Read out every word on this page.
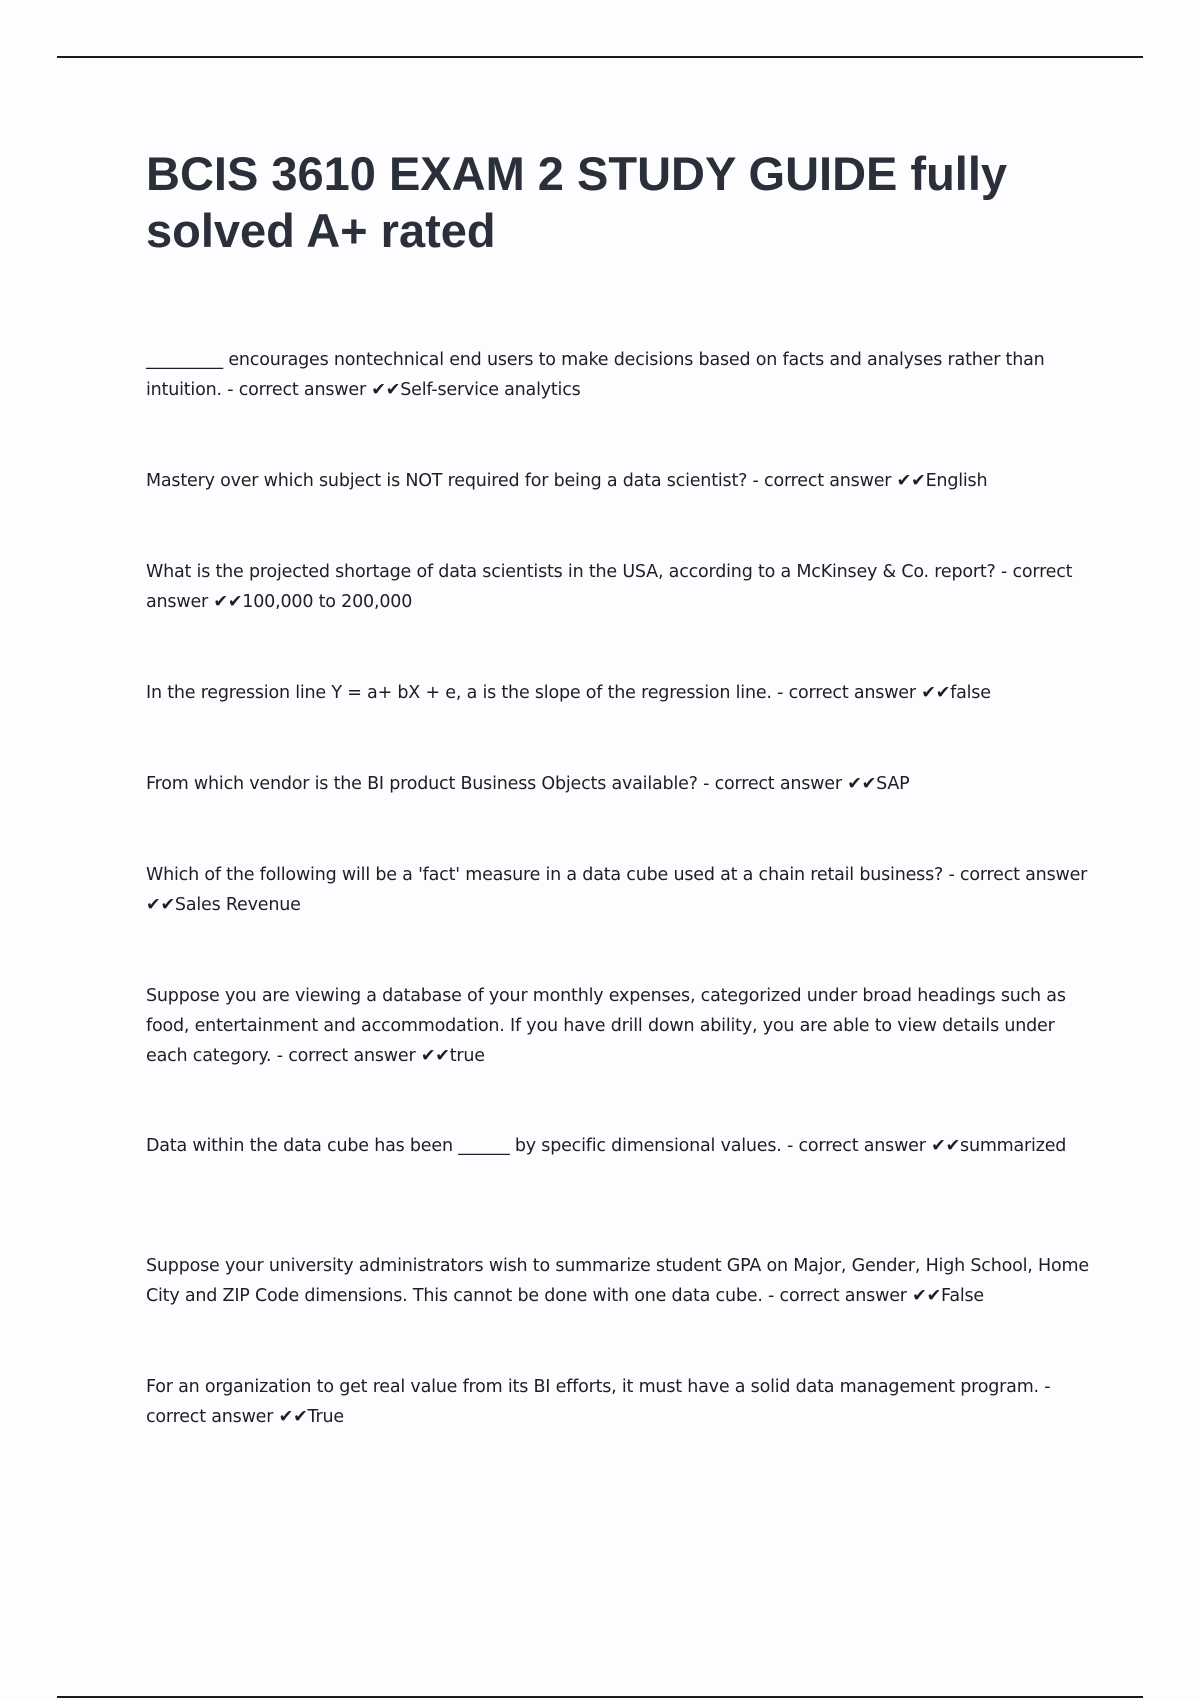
BCIS 3610 EXAM 2 STUDY GUIDE fully solved A+ rated

_________ encourages nontechnical end users to make decisions based on facts and analyses rather than intuition. - correct answer ✔✔Self-service analytics

Mastery over which subject is NOT required for being a data scientist? - correct answer ✔✔English

What is the projected shortage of data scientists in the USA, according to a McKinsey & Co. report? - correct answer ✔✔100,000 to 200,000

In the regression line Y = a+ bX + e, a is the slope of the regression line. - correct answer ✔✔false

From which vendor is the BI product Business Objects available? - correct answer ✔✔SAP

Which of the following will be a 'fact' measure in a data cube used at a chain retail business? - correct answer ✔✔Sales Revenue

Suppose you are viewing a database of your monthly expenses, categorized under broad headings such as food, entertainment and accommodation. If you have drill down ability, you are able to view details under each category. - correct answer ✔✔true

Data within the data cube has been ______ by specific dimensional values. - correct answer ✔✔summarized

Suppose your university administrators wish to summarize student GPA on Major, Gender, High School, Home City and ZIP Code dimensions. This cannot be done with one data cube. - correct answer ✔✔False

For an organization to get real value from its BI efforts, it must have a solid data management program. - correct answer ✔✔True
